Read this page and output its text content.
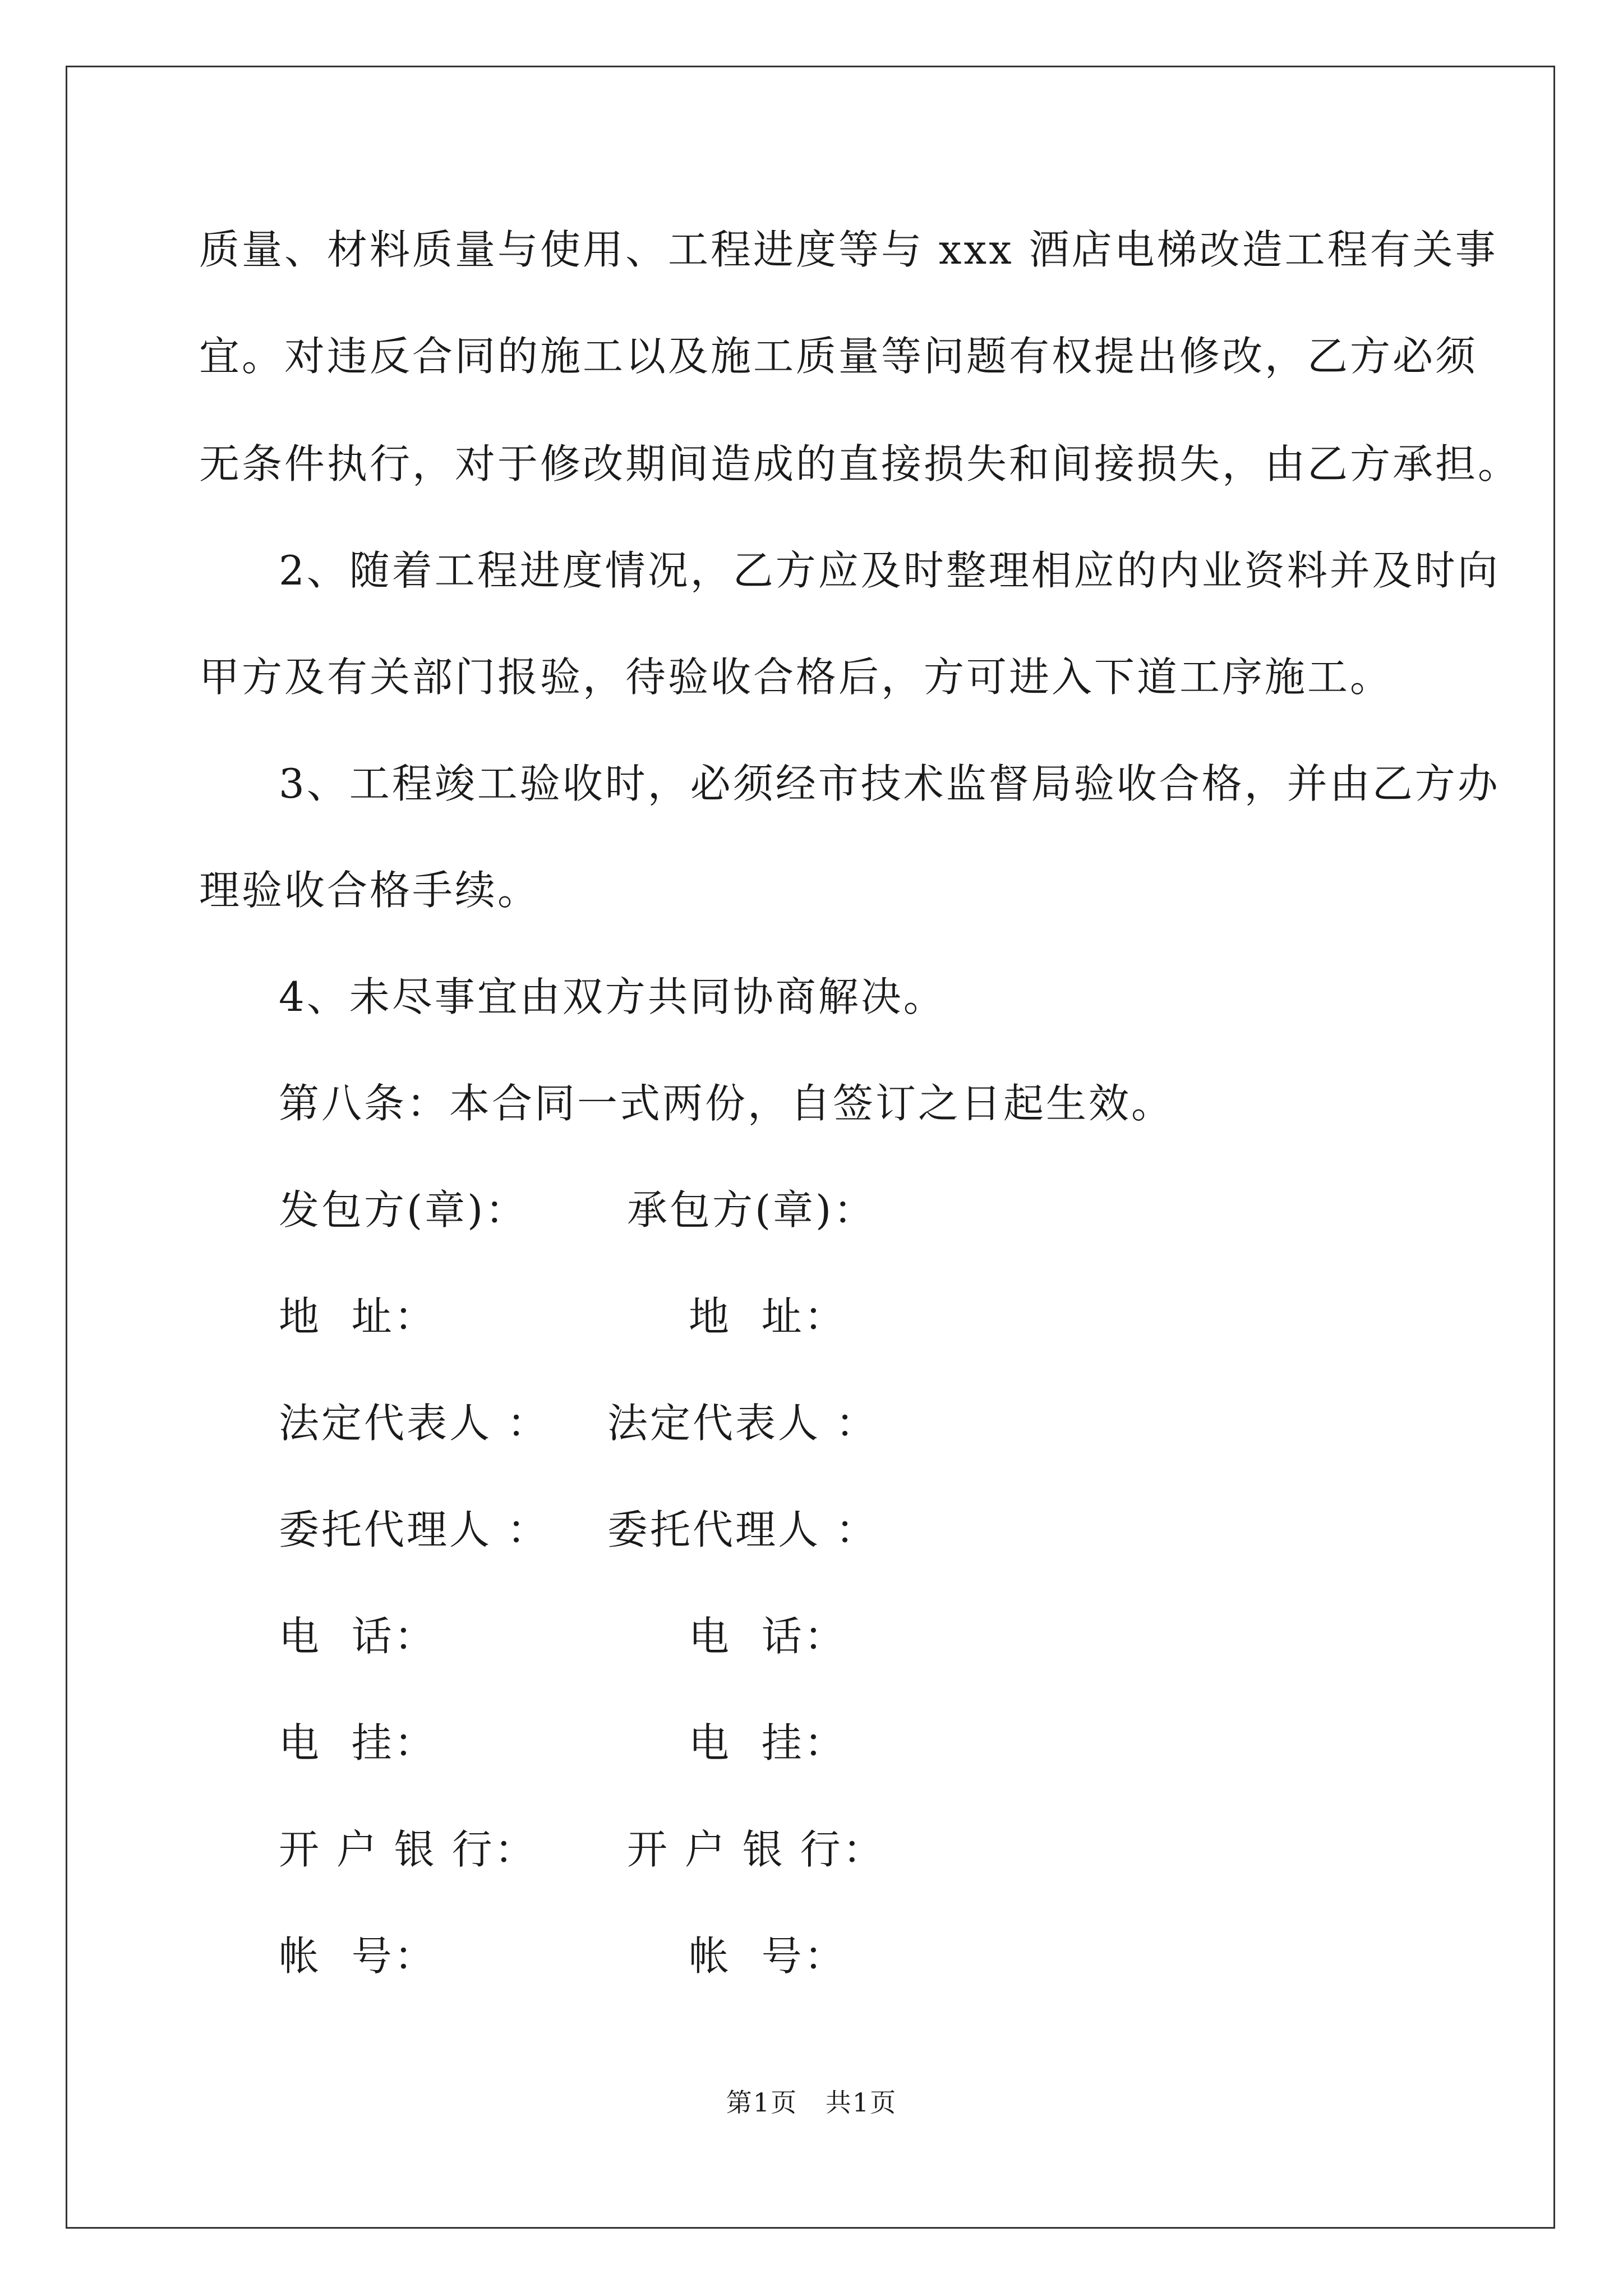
质量、材料质量与使用、工程进度等与 xxx 酒店电梯改造工程有关事
宜。对违反合同的施工以及施工质量等问题有权提出修改，乙方必须
无条件执行，对于修改期间造成的直接损失和间接损失，由乙方承担。
2、随着工程进度情况，乙方应及时整理相应的内业资料并及时向
甲方及有关部门报验，待验收合格后，方可进入下道工序施工。
3、工程竣工验收时，必须经市技术监督局验收合格，并由乙方办
理验收合格手续。
4、未尽事宜由双方共同协商解决。
第八条：本合同一式两份，自签订之日起生效。
发包方(章)： 承包方(章)：
地  址：	地  址：
法定代表人 ： 法定代表人 ：
委托代理人 ： 委托代理人 ：
电  话：	电  话：
电  挂：	电  挂：
开 户 银 行： 开 户 银 行：
帐  号：	帐  号：
第1页   共1页
